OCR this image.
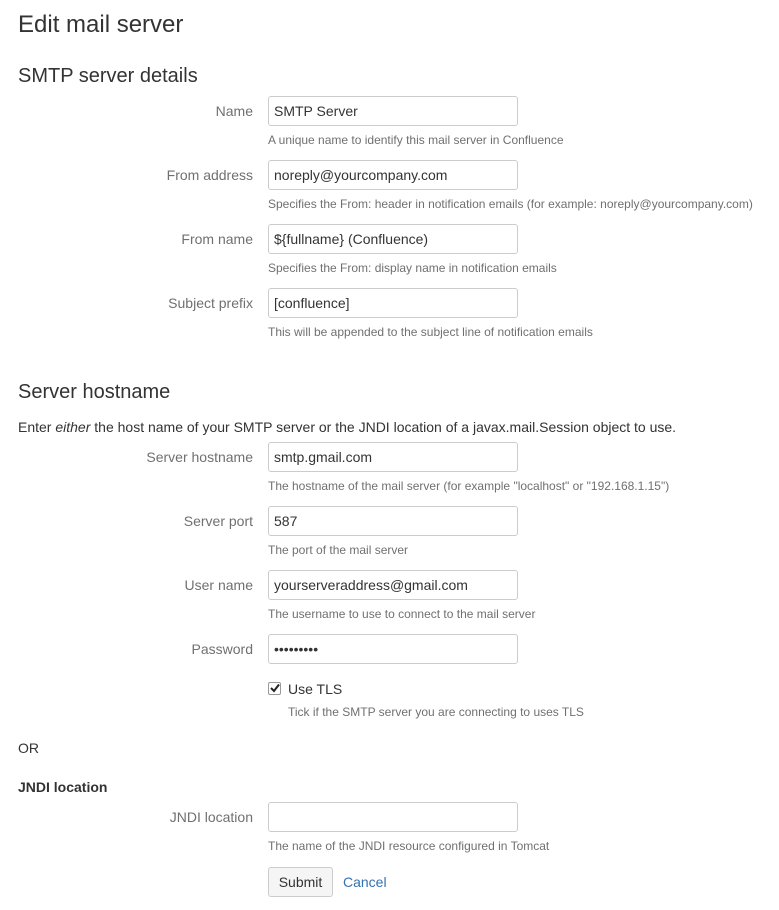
Edit mail server
SMTP server details
Name
SMTP Server
A unique name to identify this mail server in Confluence
From address
noreply@yourcompany.com
Specifies the From: header in notification emails (for example: noreply@yourcompany.com)
From name
${fullname} (Confluence)
Specifies the From: display name in notification emails
Subject prefix
[confluence]
This will be appended to the subject line of notification emails
Server hostname
Enter either the host name of your SMTP server or the JNDI location of a javax.mail.Session object to use.
Server hostname
smtp.gmail.com
The hostname of the mail server (for example "localhost" or "192.168.1.15")
Server port
587
The port of the mail server
User name
yourserveraddress@gmail.com
The username to use to connect to the mail server
Password
Use TLS
Tick if the SMTP server you are connecting to uses TLS
OR
JNDI location
JNDI location
The name of the JNDI resource configured in Tomcat
Submit	Cancel
